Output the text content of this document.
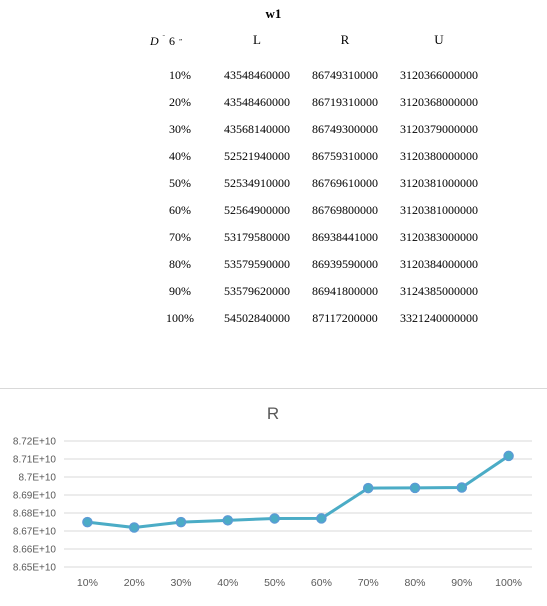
w1
D $^ˉ$ 6 „	L	R	U
10%	43548460000	86749310000	3120366000000
20%	43548460000	86719310000	3120368000000
30%	43568140000	86749300000	3120379000000
40%	52521940000	86759310000	3120380000000
50%	52534910000	86769610000	3120381000000
60%	52564900000	86769800000	3120381000000
70%	53179580000	86938441000	3120383000000
80%	53579590000	86939590000	3120384000000
90%	53579620000	86941800000	3124385000000
100%	54502840000	87117200000	3321240000000
R
8.65E+10
8.66E+10
8.67E+10
8.68E+10
8.69E+10
8.7E+10
8.71E+10
8.72E+10
10% 20% 30% 40% 50% 60% 70% 80% 90% 100%
